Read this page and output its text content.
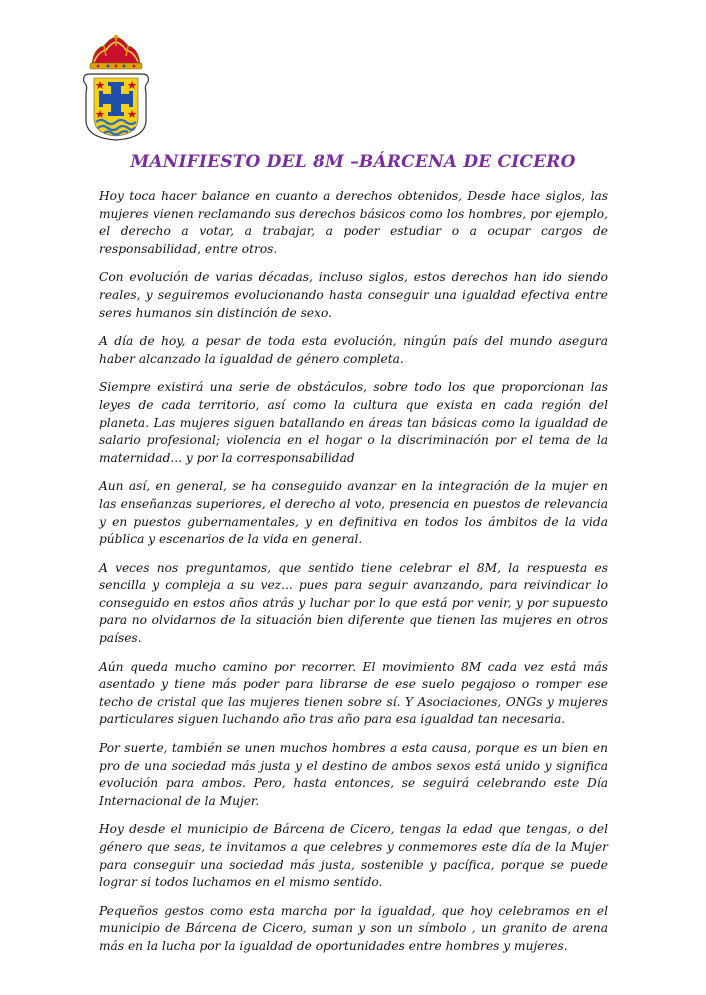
MANIFIESTO DEL 8M –BÁRCENA DE CICERO

Hoy toca hacer balance en cuanto a derechos obtenidos, Desde hace siglos, las mujeres vienen reclamando sus derechos básicos como los hombres, por ejemplo, el derecho a votar, a trabajar, a poder estudiar o a ocupar cargos de responsabilidad, entre otros.

Con evolución de varias décadas, incluso siglos, estos derechos han ido siendo reales, y seguiremos evolucionando hasta conseguir una igualdad efectiva entre seres humanos sin distinción de sexo.

A día de hoy, a pesar de toda esta evolución, ningún país del mundo asegura haber alcanzado la igualdad de género completa.

Siempre existirá una serie de obstáculos, sobre todo los que proporcionan las leyes de cada territorio, así como la cultura que exista en cada región del planeta. Las mujeres siguen batallando en áreas tan básicas como la igualdad de salario profesional; violencia en el hogar o la discriminación por el tema de la maternidad... y por la corresponsabilidad

Aun así, en general, se ha conseguido avanzar en la integración de la mujer en las enseñanzas superiores, el derecho al voto, presencia en puestos de relevancia y en puestos gubernamentales, y en definitiva en todos los ámbitos de la vida pública y escenarios de la vida en general.

A veces nos preguntamos, que sentido tiene celebrar el 8M, la respuesta es sencilla y compleja a su vez... pues para seguir avanzando, para reivindicar lo conseguido en estos años atrás y luchar por lo que está por venir, y por supuesto para no olvidarnos de la situación bien diferente que tienen las mujeres en otros países.

Aún queda mucho camino por recorrer. El movimiento 8M cada vez está más asentado y tiene más poder para librarse de ese suelo pegajoso o romper ese techo de cristal que las mujeres tienen sobre sí. Y Asociaciones, ONGs y mujeres particulares siguen luchando año tras año para esa igualdad tan necesaria.

Por suerte, también se unen muchos hombres a esta causa, porque es un bien en pro de una sociedad más justa y el destino de ambos sexos está unido y significa evolución para ambos. Pero, hasta entonces, se seguirá celebrando este Día Internacional de la Mujer.

Hoy desde el municipio de Bárcena de Cicero, tengas la edad que tengas, o del género que seas, te invitamos a que celebres y conmemores este día de la Mujer para conseguir una sociedad más justa, sostenible y pacífica, porque se puede lograr si todos luchamos en el mismo sentido.

Pequeños gestos como esta marcha por la igualdad, que hoy celebramos en el municipio de Bárcena de Cicero, suman y son un símbolo , un granito de arena más en la lucha por la igualdad de oportunidades entre hombres y mujeres.
